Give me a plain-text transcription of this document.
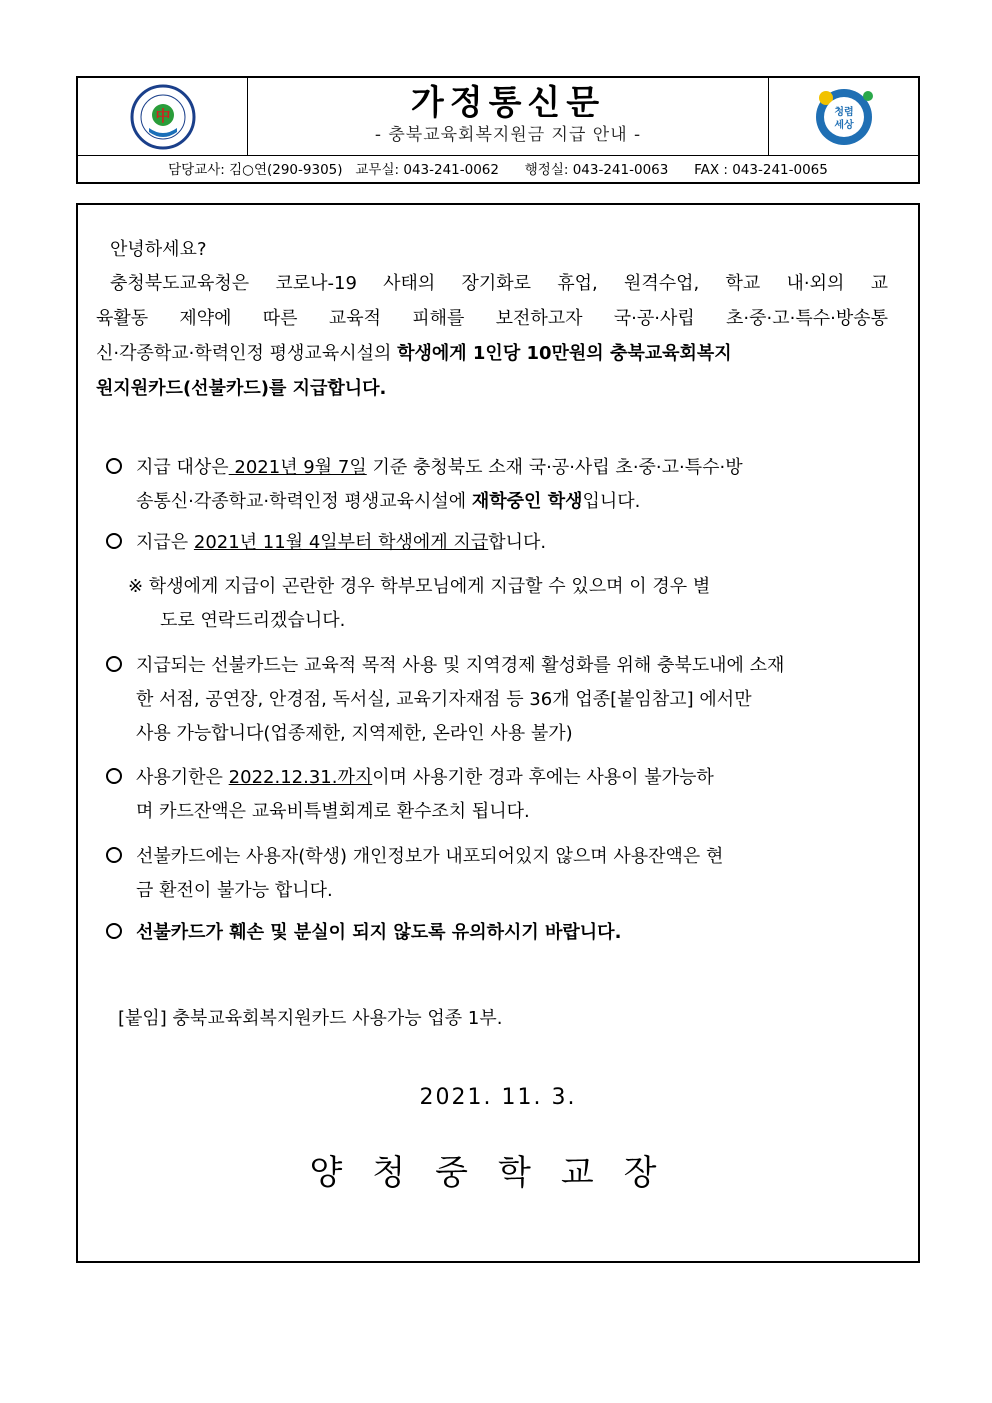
中	가정통신문
- 충북교육회복지원금 지급 안내 -
청렴
세상
담당교사: 김○연(290-9305)   교무실: 043-241-0062      행정실: 043-241-0063      FAX : 043-241-0065
안녕하세요?
충청북도교육청은 코로나-19 사태의 장기화로 휴업, 원격수업, 학교 내·외의 교
육활동 제약에 따른 교육적 피해를 보전하고자 국·공·사립 초·중·고·특수·방송통
신·각종학교·학력인정 평생교육시설의 학생에게 1인당 10만원의 충북교육회복지
원지원카드(선불카드)를 지급합니다.
지급 대상은 2021년 9월 7일 기준 충청북도 소재 국·공·사립 초·중·고·특수·방
송통신·각종학교·학력인정 평생교육시설에 재학중인 학생입니다.
지급은 2021년 11월 4일부터 학생에게 지급합니다.
※ 학생에게 지급이 곤란한 경우 학부모님에게 지급할 수 있으며 이 경우 별
도로 연락드리겠습니다.
지급되는 선불카드는 교육적 목적 사용 및 지역경제 활성화를 위해 충북도내에 소재
한 서점, 공연장, 안경점, 독서실, 교육기자재점 등 36개 업종[붙임참고] 에서만
사용 가능합니다(업종제한, 지역제한, 온라인 사용 불가)
사용기한은 2022.12.31.까지이며 사용기한 경과 후에는 사용이 불가능하
며 카드잔액은 교육비특별회계로 환수조치 됩니다.
선불카드에는 사용자(학생) 개인정보가 내포되어있지 않으며 사용잔액은 현
금 환전이 불가능 합니다.
선불카드가 훼손 및 분실이 되지 않도록 유의하시기 바랍니다.
[붙임] 충북교육회복지원카드 사용가능 업종 1부.
2021. 11. 3.
양청중학교장
